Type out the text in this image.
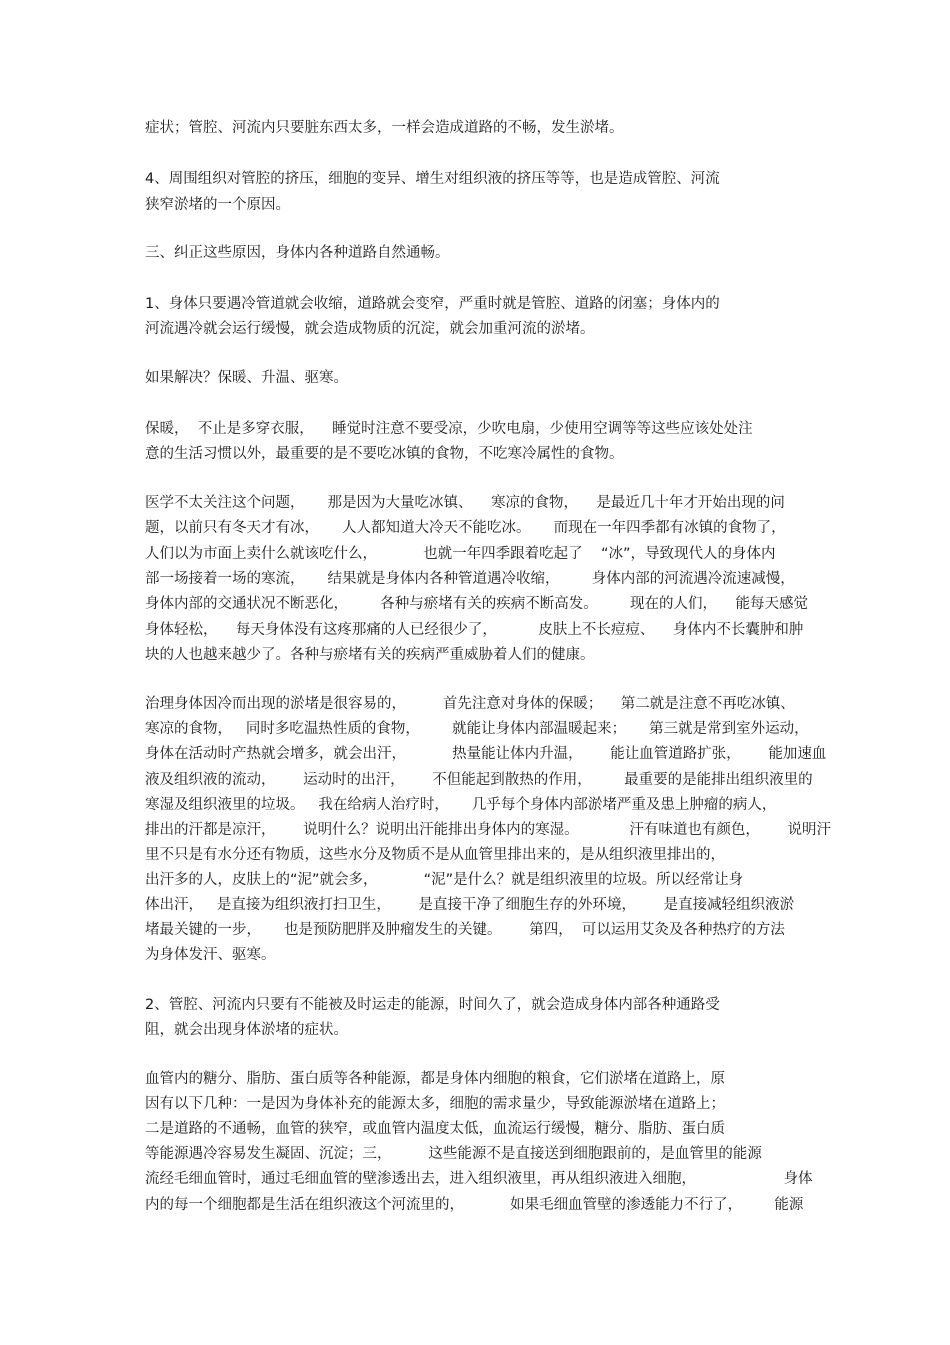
症状；管腔、河流内只要脏东西太多，一样会造成道路的不畅，发生淤堵。

4、周围组织对管腔的挤压，细胞的变异、增生对组织液的挤压等等，也是造成管腔、河流

狭窄淤堵的一个原因。

三、纠正这些原因，身体内各种道路自然通畅。

1、身体只要遇冷管道就会收缩，道路就会变窄，严重时就是管腔、道路的闭塞；身体内的

河流遇冷就会运行缓慢，就会造成物质的沉淀，就会加重河流的淤堵。

如果解决？保暖、升温、驱寒。

保暖，  不止是多穿衣服，    睡觉时注意不要受凉，少吹电扇，少使用空调等等这些应该处处注

意的生活习惯以外，最重要的是不要吃冰镇的食物，不吃寒冷属性的食物。

医学不太关注这个问题，     那是因为大量吃冰镇、    寒凉的食物，    是最近几十年才开始出现的问

题，以前只有冬天才有冰，     人人都知道大冷天不能吃冰。     而现在一年四季都有冰镇的食物了，

人们以为市面上卖什么就该吃什么，          也就一年四季跟着吃起了    “冰”，导致现代人的身体内

部一场接着一场的寒流，     结果就是身体内各种管道遇冷收缩，       身体内部的河流遇冷流速减慢，

身体内部的交通状况不断恶化，       各种与瘀堵有关的疾病不断高发。       现在的人们，    能每天感觉

身体轻松，    每天身体没有这疼那痛的人已经很少了，         皮肤上不长痘痘、    身体内不长囊肿和肿

块的人也越来越少了。各种与瘀堵有关的疾病严重威胁着人们的健康。

治理身体因冷而出现的淤堵是很容易的，        首先注意对身体的保暖；    第二就是注意不再吃冰镇、

寒凉的食物，   同时多吃温热性质的食物，       就能让身体内部温暖起来；     第三就是常到室外运动，

身体在活动时产热就会增多，就会出汗，          热量能让体内升温，      能让血管道路扩张，      能加速血

液及组织液的流动，      运动时的出汗，      不但能起到散热的作用，       最重要的是能排出组织液里的

寒湿及组织液里的垃圾。   我在给病人治疗时，     几乎每个身体内部淤堵严重及患上肿瘤的病人，

排出的汗都是凉汗，      说明什么？说明出汗能排出身体内的寒湿。           汗有味道也有颜色，      说明汗

里不只是有水分还有物质，这些水分及物质不是从血管里排出来的，是从组织液里排出的，

出汗多的人，皮肤上的“泥”就会多，          “泥”是什么？就是组织液里的垃圾。所以经常让身

体出汗，   是直接为组织液打扫卫生，      是直接干净了细胞生存的外环境，      是直接减轻组织液淤

堵最关键的一步，     也是预防肥胖及肿瘤发生的关键。      第四，  可以运用艾灸及各种热疗的方法

为身体发汗、驱寒。

2、管腔、河流内只要有不能被及时运走的能源，时间久了，就会造成身体内部各种通路受

阻，就会出现身体淤堵的症状。

血管内的糖分、脂肪、蛋白质等各种能源，都是身体内细胞的粮食，它们淤堵在道路上，原

因有以下几种：一是因为身体补充的能源太多，细胞的需求量少，导致能源淤堵在道路上；

二是道路的不通畅，血管的狭窄，或血管内温度太低，血流运行缓慢，糖分、脂肪、蛋白质

等能源遇冷容易发生凝固、沉淀；三，        这些能源不是直接送到细胞跟前的，是血管里的能源

流经毛细血管时，通过毛细血管的壁渗透出去，进入组织液里，再从组织液进入细胞，                   身体

内的每一个细胞都是生活在组织液这个河流里的，          如果毛细血管壁的渗透能力不行了，       能源
